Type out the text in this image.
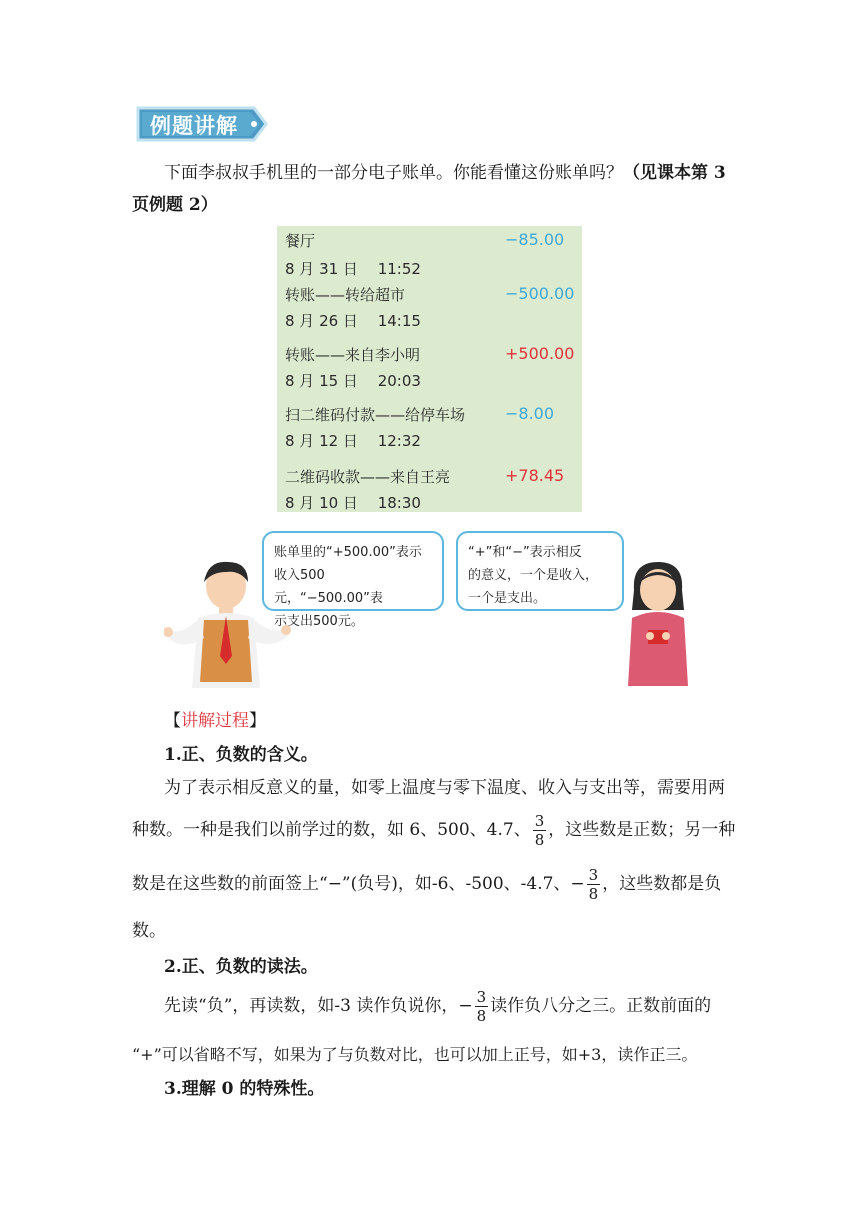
例题讲解
下面李叔叔手机里的一部分电子账单。你能看懂这份账单吗？（见课本第 3
页例题 2）
餐厅	−85.00
8 月 31 日　 11:52
转账——转给超市	−500.00
8 月 26 日　 14:15
转账——来自李小明	+500.00
8 月 15 日　 20:03
扫二维码付款——给停车场 −8.00
8 月 12 日　 12:32
二维码收款——来自王亮	+78.45
8 月 10 日　 18:30
账单里的“+500.00”表示
收入500元，“−500.00”表
示支出500元。
“+”和“−”表示相反
的意义，一个是收入，
一个是支出。
【讲解过程】
1.正、负数的含义。
为了表示相反意义的量，如零上温度与零下温度、收入与支出等，需要用两
种数。一种是我们以前学过的数，如 6、500、4.7、 $\frac{3}{8}$ ，这些数是正数；另一种
数是在这些数的前面签上“−”(负号)，如-6、-500、-4.7、− $\frac{3}{8}$ ，这些数都是负
数。
2.正、负数的读法。
先读“负”，再读数，如-3 读作负说你，− $\frac{3}{8}$ 读作负八分之三。正数前面的
“+”可以省略不写，如果为了与负数对比，也可以加上正号，如+3，读作正三。
3.理解 0 的特殊性。
